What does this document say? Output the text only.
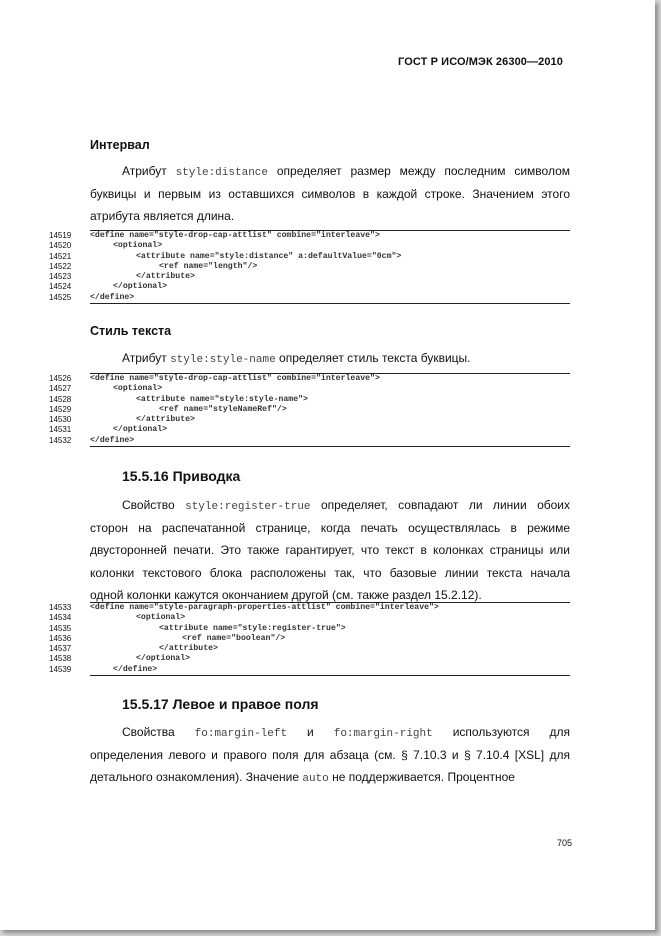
ГОСТ Р ИСО/МЭК 26300—2010
Интервал
Атрибут style:distance определяет размер между последним символом
буквицы и первым из оставшихся символов в каждой строке. Значением этого
атрибута является длина.
14519 <define name="style-drop-cap-attlist" combine="interleave">
14520	<optional>
14521	<attribute name="style:distance" a:defaultValue="0cm">
14522	<ref name="length"/>
14523	</attribute>
14524	</optional>
14525 </define>
Стиль текста
Атрибут style:style-name определяет стиль текста буквицы.
14526 <define name="style-drop-cap-attlist" combine="interleave">
14527	<optional>
14528	<attribute name="style:style-name">
14529	<ref name="styleNameRef"/>
14530	</attribute>
14531	</optional>
14532 </define>
15.5.16 Приводка
Свойство style:register-true определяет, совпадают ли линии обоих
сторон на распечатанной странице, когда печать осуществлялась в режиме
двусторонней печати. Это также гарантирует, что текст в колонках страницы или
колонки текстового блока расположены так, что базовые линии текста начала
одной колонки кажутся окончанием другой (см. также раздел 15.2.12).
14533 <define name="style-paragraph-properties-attlist" combine="interleave">
14534	<optional>
14535	<attribute name="style:register-true">
14536	<ref name="boolean"/>
14537	</attribute>
14538	</optional>
14539	</define>
15.5.17 Левое и правое поля
Свойства fo:margin-left и fo:margin-right используются для
определения левого и правого поля для абзаца (см. § 7.10.3 и § 7.10.4 [XSL] для
детального ознакомления). Значение auto не поддерживается. Процентное
705
